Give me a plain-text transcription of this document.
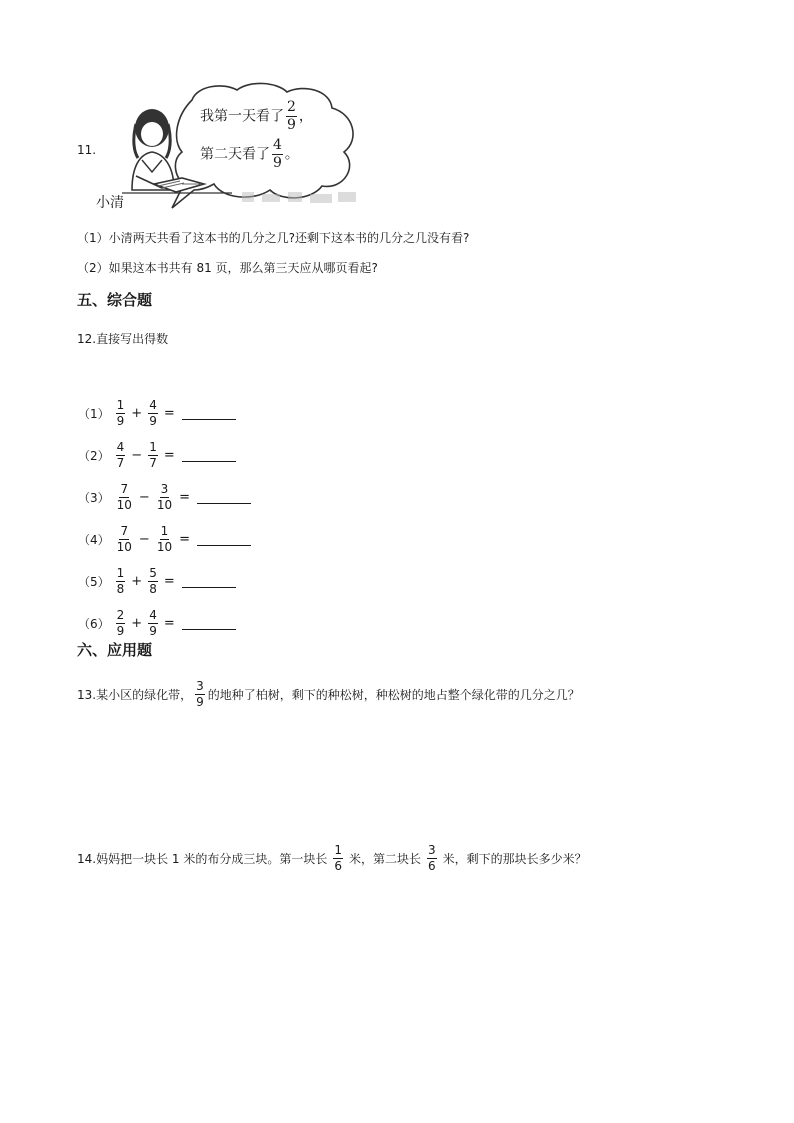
11.
我第一天看了 $\frac{2}{9}$ ，
第二天看了 $\frac{4}{9}$ 。
小清
（1）小清两天共看了这本书的几分之几?还剩下这本书的几分之几没有看?
（2）如果这本书共有 81 页，那么第三天应从哪页看起?
五、综合题
12.直接写出得数
$(1) \frac{1}{9} + \frac{4}{9}$ =
$(2) \frac{4}{7} - \frac{1}{7}$ =
$(3) \frac{7}{10} - \frac{3}{10}$ =
$(4) \frac{7}{10} - \frac{1}{10}$ =
$(5) \frac{1}{8} + \frac{5}{8}$ =
$(6) \frac{2}{9} + \frac{4}{9}$ =
六、应用题
13.某小区的绿化带， $\frac{3}{9}$ 的地种了柏树，剩下的种松树，种松树的地占整个绿化带的几分之几？
14.妈妈把一块长 1 米的布分成三块。第一块长 $\frac{1}{6}$ 米，第二块长 $\frac{3}{6}$ 米，剩下的那块长多少米？
